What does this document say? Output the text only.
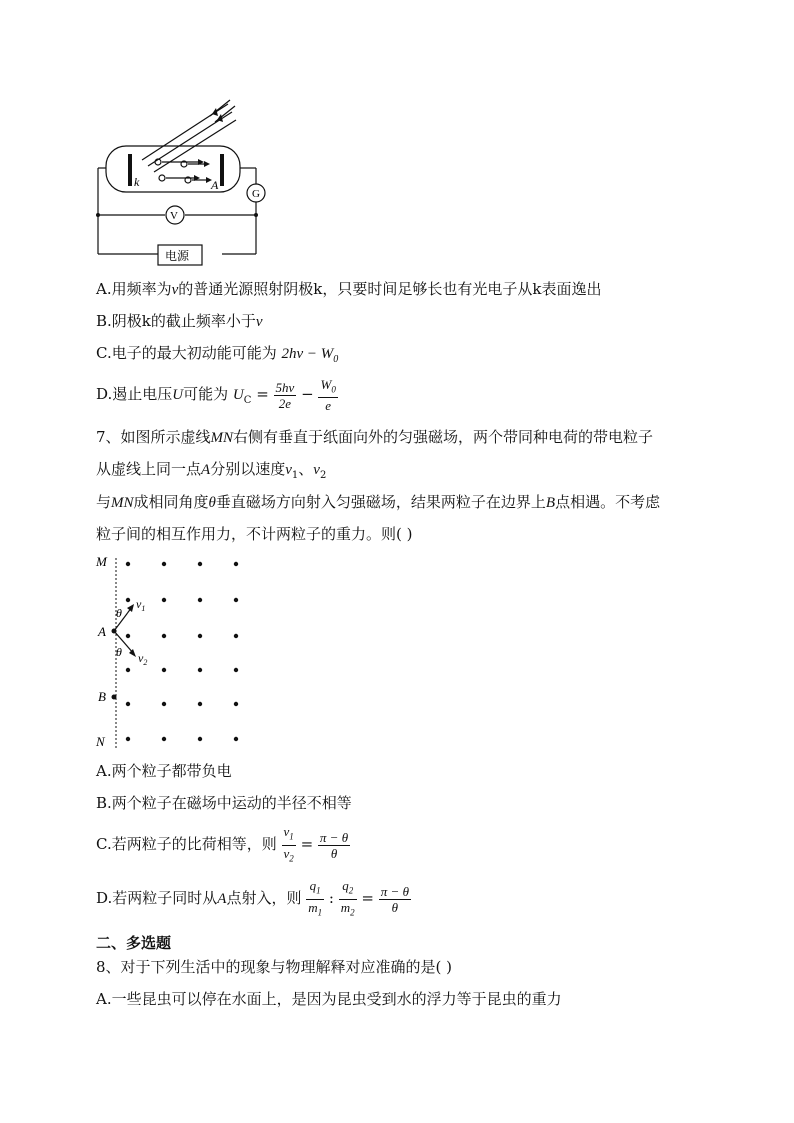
k	A
G
V
电源
A.用频率为ν的普通光源照射阴极k，只要时间足够长也有光电子从k表面逸出
B.阴极k的截止频率小于ν
C.电子的最大初动能可能为 $2h\nu - W_0$
D.遏止电压U可能为 $U_C = \frac{5h\nu}{2e} - \frac{W_0}{e}$
7、如图所示虚线MN右侧有垂直于纸面向外的匀强磁场，两个带同种电荷的带电粒子
从虚线上同一点A分别以速度$v_1$、$v_2$
与MN成相同角度θ垂直磁场方向射入匀强磁场，结果两粒子在边界上B点相遇。不考虑
粒子间的相互作用力，不计两粒子的重力。则( )
M
A
B
N
θ
θ
$v_1$
$v_2$
A.两个粒子都带负电
B.两个粒子在磁场中运动的半径不相等
C.若两粒子的比荷相等，则 $\frac{v_1}{v_2} = \frac{\pi - \theta}{\theta}$
D.若两粒子同时从A点射入，则 $\frac{q_1}{m_1}$ : $\frac{q_2}{m_2} = \frac{\pi - \theta}{\theta}$
二、多选题
8、对于下列生活中的现象与物理解释对应准确的是( )
A.一些昆虫可以停在水面上，是因为昆虫受到水的浮力等于昆虫的重力
